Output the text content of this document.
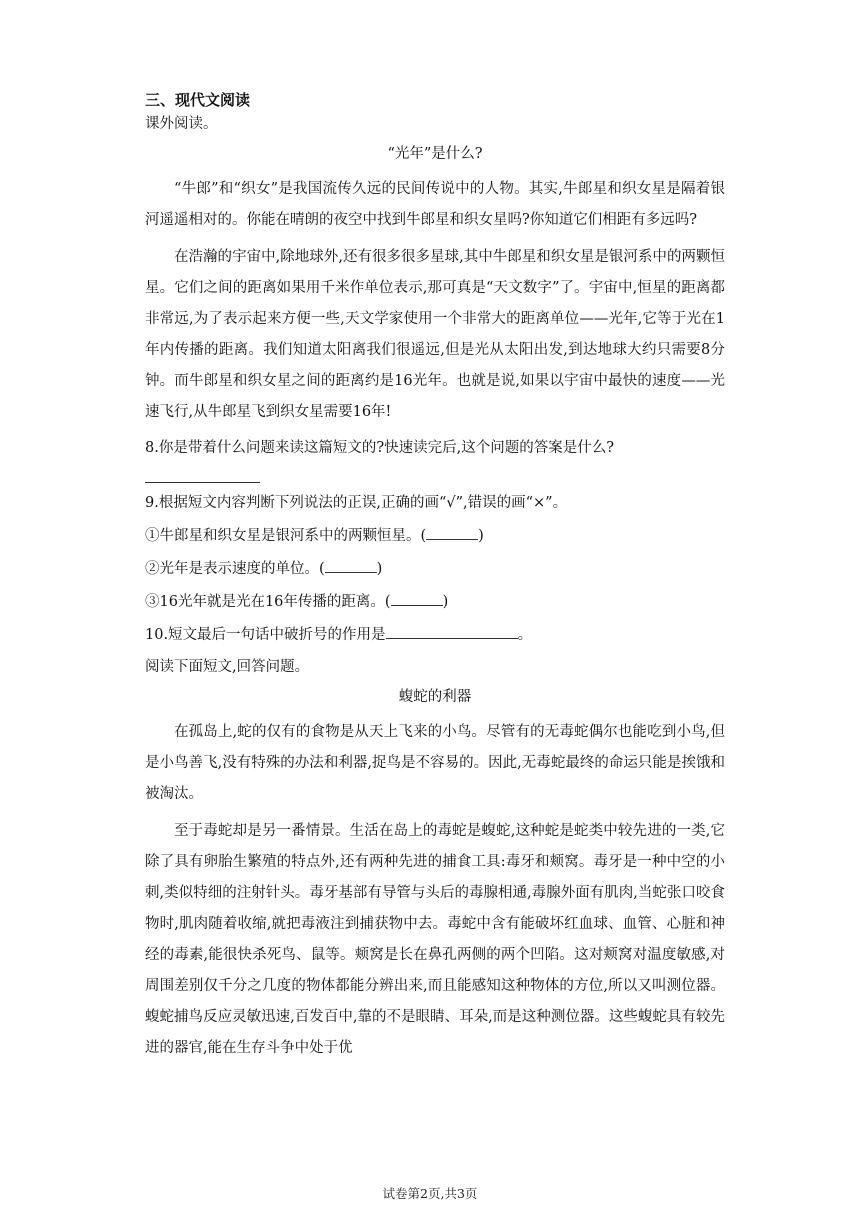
三、现代文阅读
课外阅读。
“光年”是什么?

“牛郎”和“织女”是我国流传久远的民间传说中的人物。其实,牛郎星和织女星是隔着银河遥遥相对的。你能在晴朗的夜空中找到牛郎星和织女星吗?你知道它们相距有多远吗?

在浩瀚的宇宙中,除地球外,还有很多很多星球,其中牛郎星和织女星是银河系中的两颗恒星。它们之间的距离如果用千米作单位表示,那可真是“天文数字”了。宇宙中,恒星的距离都非常远,为了表示起来方便一些,天文学家使用一个非常大的距离单位——光年,它等于光在1年内传播的距离。我们知道太阳离我们很遥远,但是光从太阳出发,到达地球大约只需要8分钟。而牛郎星和织女星之间的距离约是16光年。也就是说,如果以宇宙中最快的速度——光速飞行,从牛郎星飞到织女星需要16年!

8.你是带着什么问题来读这篇短文的?快速读完后,这个问题的答案是什么?
9.根据短文内容判断下列说法的正误,正确的画“√”,错误的画“×”。
①牛郎星和织女星是银河系中的两颗恒星。(	)
②光年是表示速度的单位。(	)
③16光年就是光在16年传播的距离。(	)
10.短文最后一句话中破折号的作用是	。
阅读下面短文,回答问题。
蝮蛇的利器

在孤岛上,蛇的仅有的食物是从天上飞来的小鸟。尽管有的无毒蛇偶尔也能吃到小鸟,但是小鸟善飞,没有特殊的办法和利器,捉鸟是不容易的。因此,无毒蛇最终的命运只能是挨饿和被淘汰。

至于毒蛇却是另一番情景。生活在岛上的毒蛇是蝮蛇,这种蛇是蛇类中较先进的一类,它除了具有卵胎生繁殖的特点外,还有两种先进的捕食工具:毒牙和颊窝。毒牙是一种中空的小刺,类似特细的注射针头。毒牙基部有导管与头后的毒腺相通,毒腺外面有肌肉,当蛇张口咬食物时,肌肉随着收缩,就把毒液注到捕获物中去。毒蛇中含有能破坏红血球、血管、心脏和神经的毒素,能很快杀死鸟、鼠等。颊窝是长在鼻孔两侧的两个凹陷。这对颊窝对温度敏感,对周围差别仅千分之几度的物体都能分辨出来,而且能感知这种物体的方位,所以又叫测位器。蝮蛇捕鸟反应灵敏迅速,百发百中,靠的不是眼睛、耳朵,而是这种测位器。这些蝮蛇具有较先进的器官,能在生存斗争中处于优

试卷第2页,共3页
